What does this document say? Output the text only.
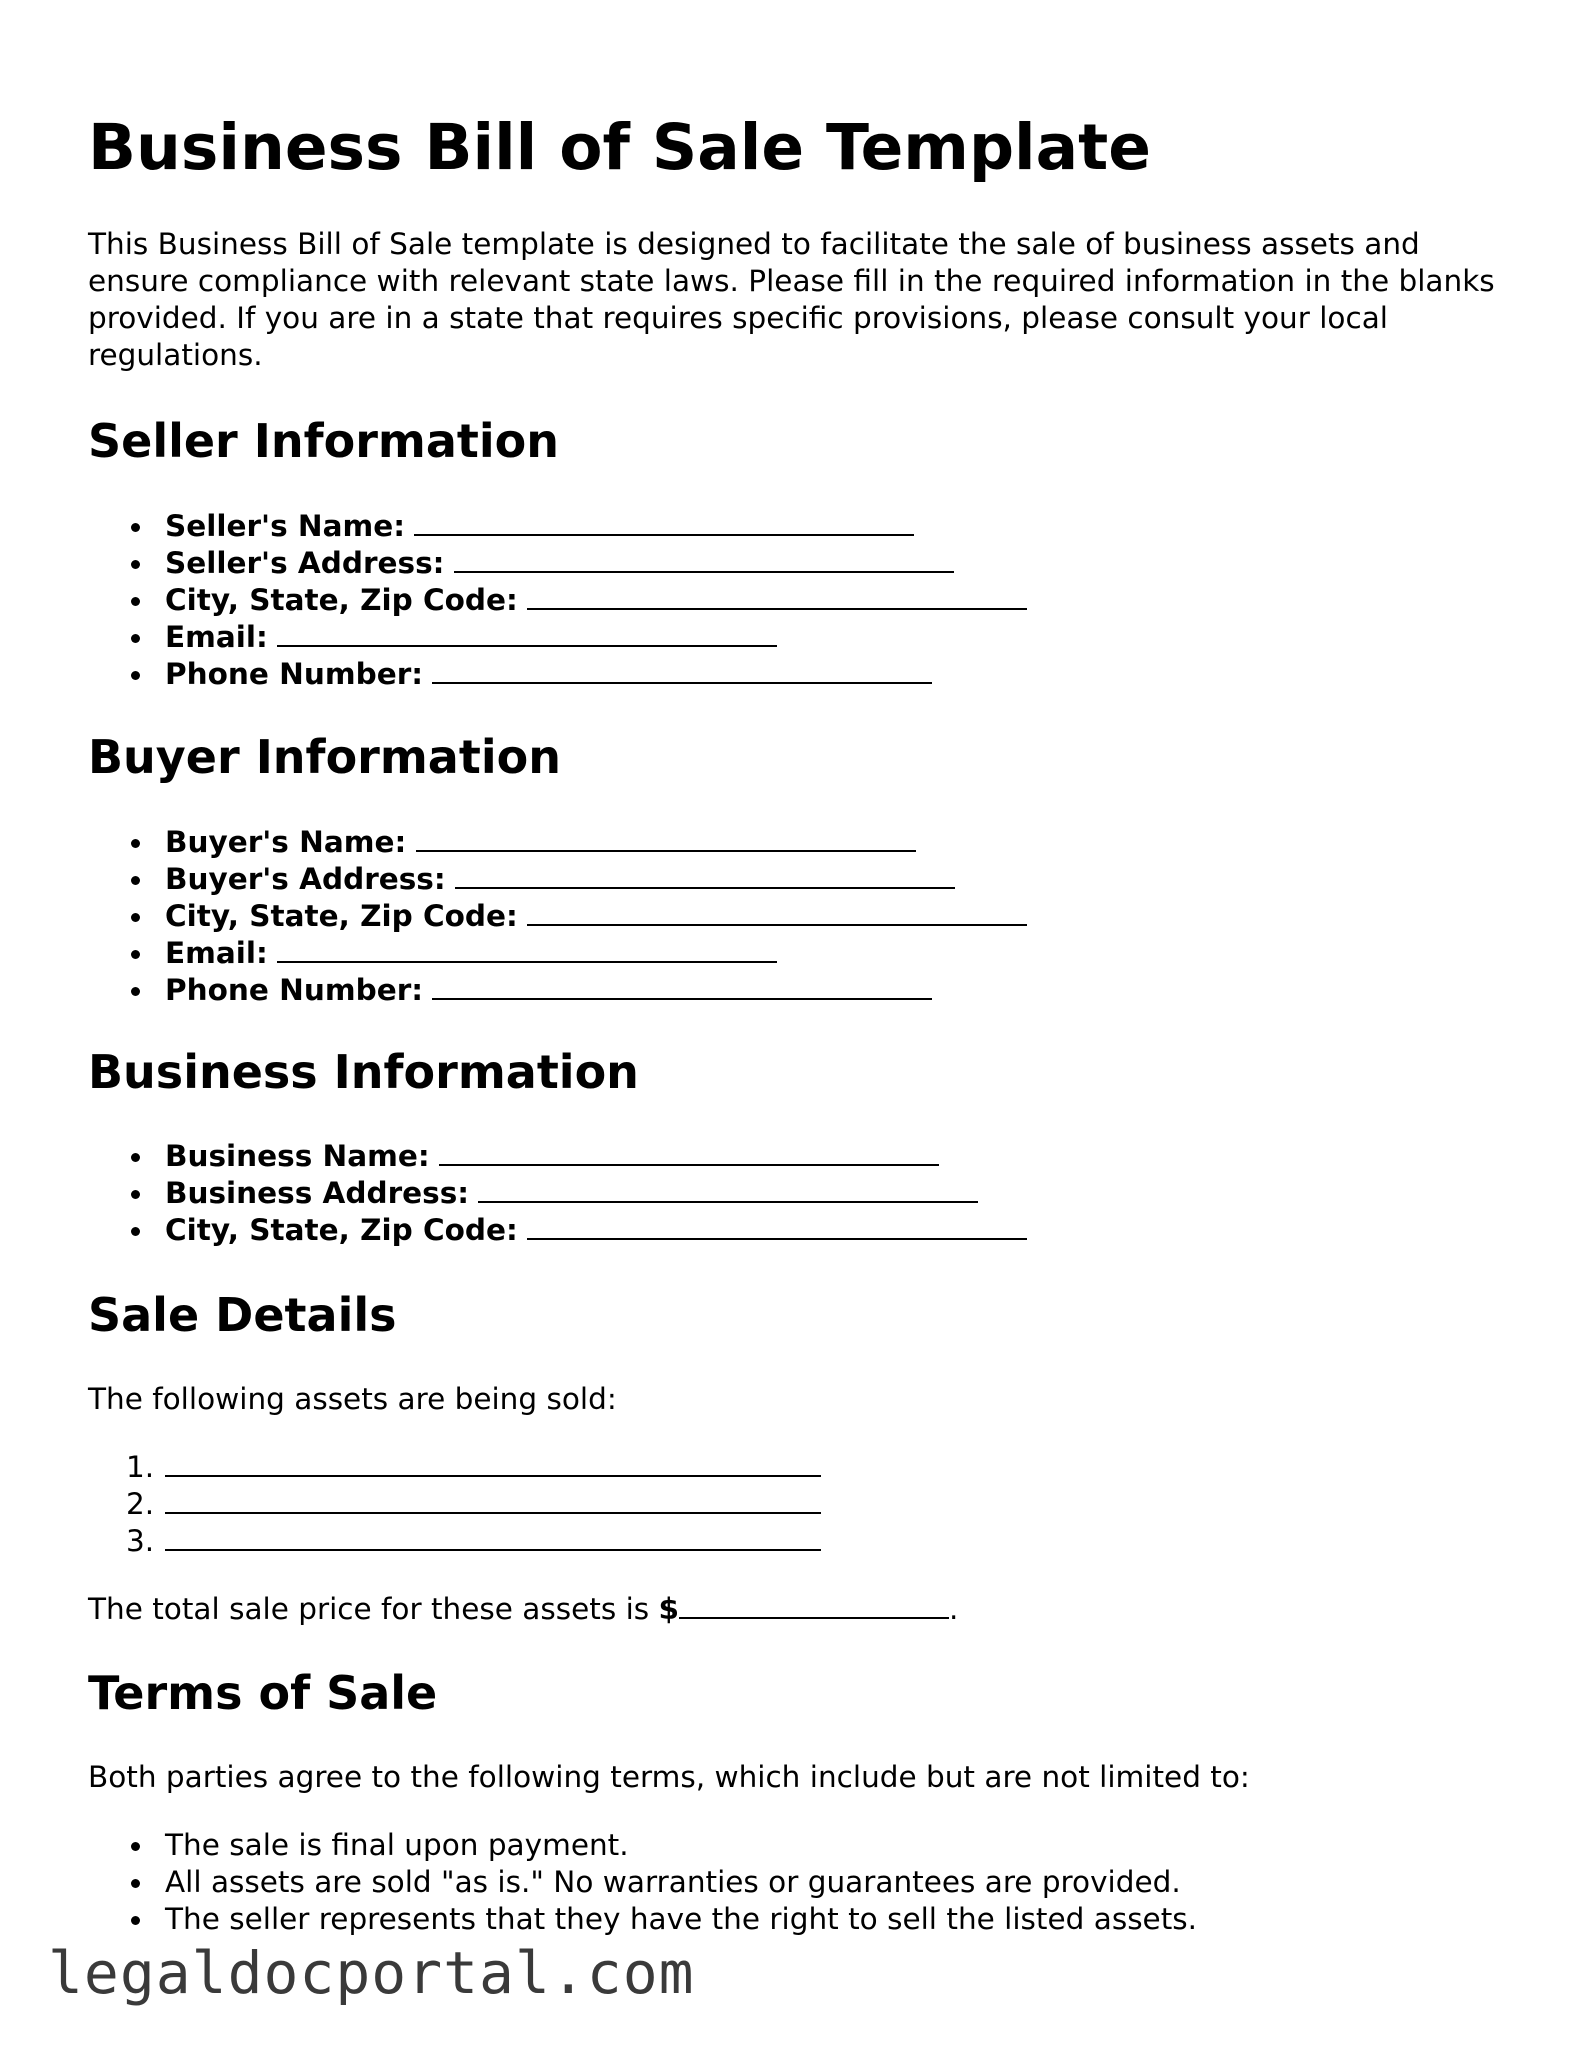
Business Bill of Sale Template

This Business Bill of Sale template is designed to facilitate the sale of business assets and ensure compliance with relevant state laws. Please fill in the required information in the blanks provided. If you are in a state that requires specific provisions, please consult your local regulations.

Seller Information
Seller's Name:
Seller's Address:
City, State, Zip Code:
Email:
Phone Number:
Buyer Information
Buyer's Name:
Buyer's Address:
City, State, Zip Code:
Email:
Phone Number:
Business Information
Business Name:
Business Address:
City, State, Zip Code:
Sale Details

The following assets are being sold:

1.
2.
3.

The total sale price for these assets is $	.

Terms of Sale

Both parties agree to the following terms, which include but are not limited to:

The sale is final upon payment.
All assets are sold "as is." No warranties or guarantees are provided.
The seller represents that they have the right to sell the listed assets.
legaldocportal.com
